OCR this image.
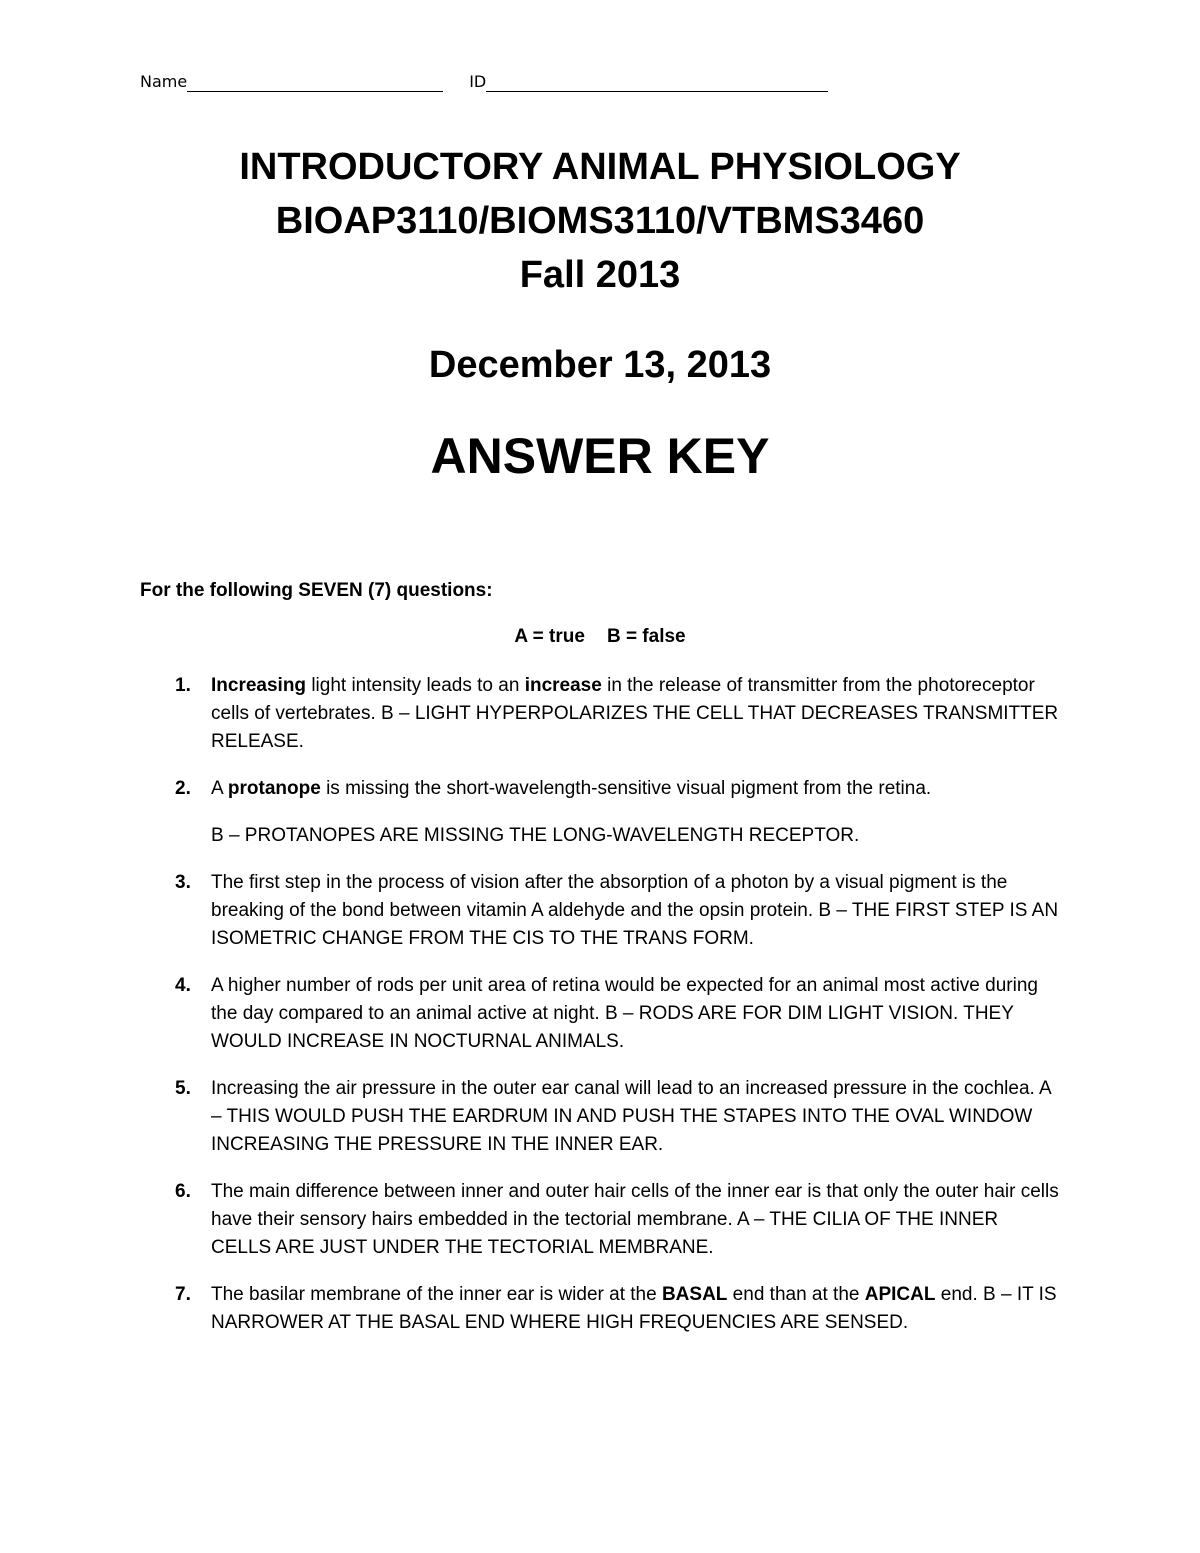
Name	ID
INTRODUCTORY ANIMAL PHYSIOLOGY
BIOAP3110/BIOMS3110/VTBMS3460
Fall 2013
December 13, 2013
ANSWER KEY
For the following SEVEN (7) questions:
A = true B = false
1. Increasing light intensity leads to an increase in the release of transmitter from the photoreceptor cells of vertebrates. B – LIGHT HYPERPOLARIZES THE CELL THAT DECREASES TRANSMITTER RELEASE.

2. A protanope is missing the short-wavelength-sensitive visual pigment from the retina.

B – PROTANOPES ARE MISSING THE LONG-WAVELENGTH RECEPTOR.

3. The first step in the process of vision after the absorption of a photon by a visual pigment is the breaking of the bond between vitamin A aldehyde and the opsin protein. B – THE FIRST STEP IS AN ISOMETRIC CHANGE FROM THE CIS TO THE TRANS FORM.

4. A higher number of rods per unit area of retina would be expected for an animal most active during the day compared to an animal active at night. B – RODS ARE FOR DIM LIGHT VISION. THEY WOULD INCREASE IN NOCTURNAL ANIMALS.

5. Increasing the air pressure in the outer ear canal will lead to an increased pressure in the cochlea. A – THIS WOULD PUSH THE EARDRUM IN AND PUSH THE STAPES INTO THE OVAL WINDOW INCREASING THE PRESSURE IN THE INNER EAR.

6. The main difference between inner and outer hair cells of the inner ear is that only the outer hair cells have their sensory hairs embedded in the tectorial membrane. A – THE CILIA OF THE INNER CELLS ARE JUST UNDER THE TECTORIAL MEMBRANE.

7. The basilar membrane of the inner ear is wider at the BASAL end than at the APICAL end. B – IT IS NARROWER AT THE BASAL END WHERE HIGH FREQUENCIES ARE SENSED.
